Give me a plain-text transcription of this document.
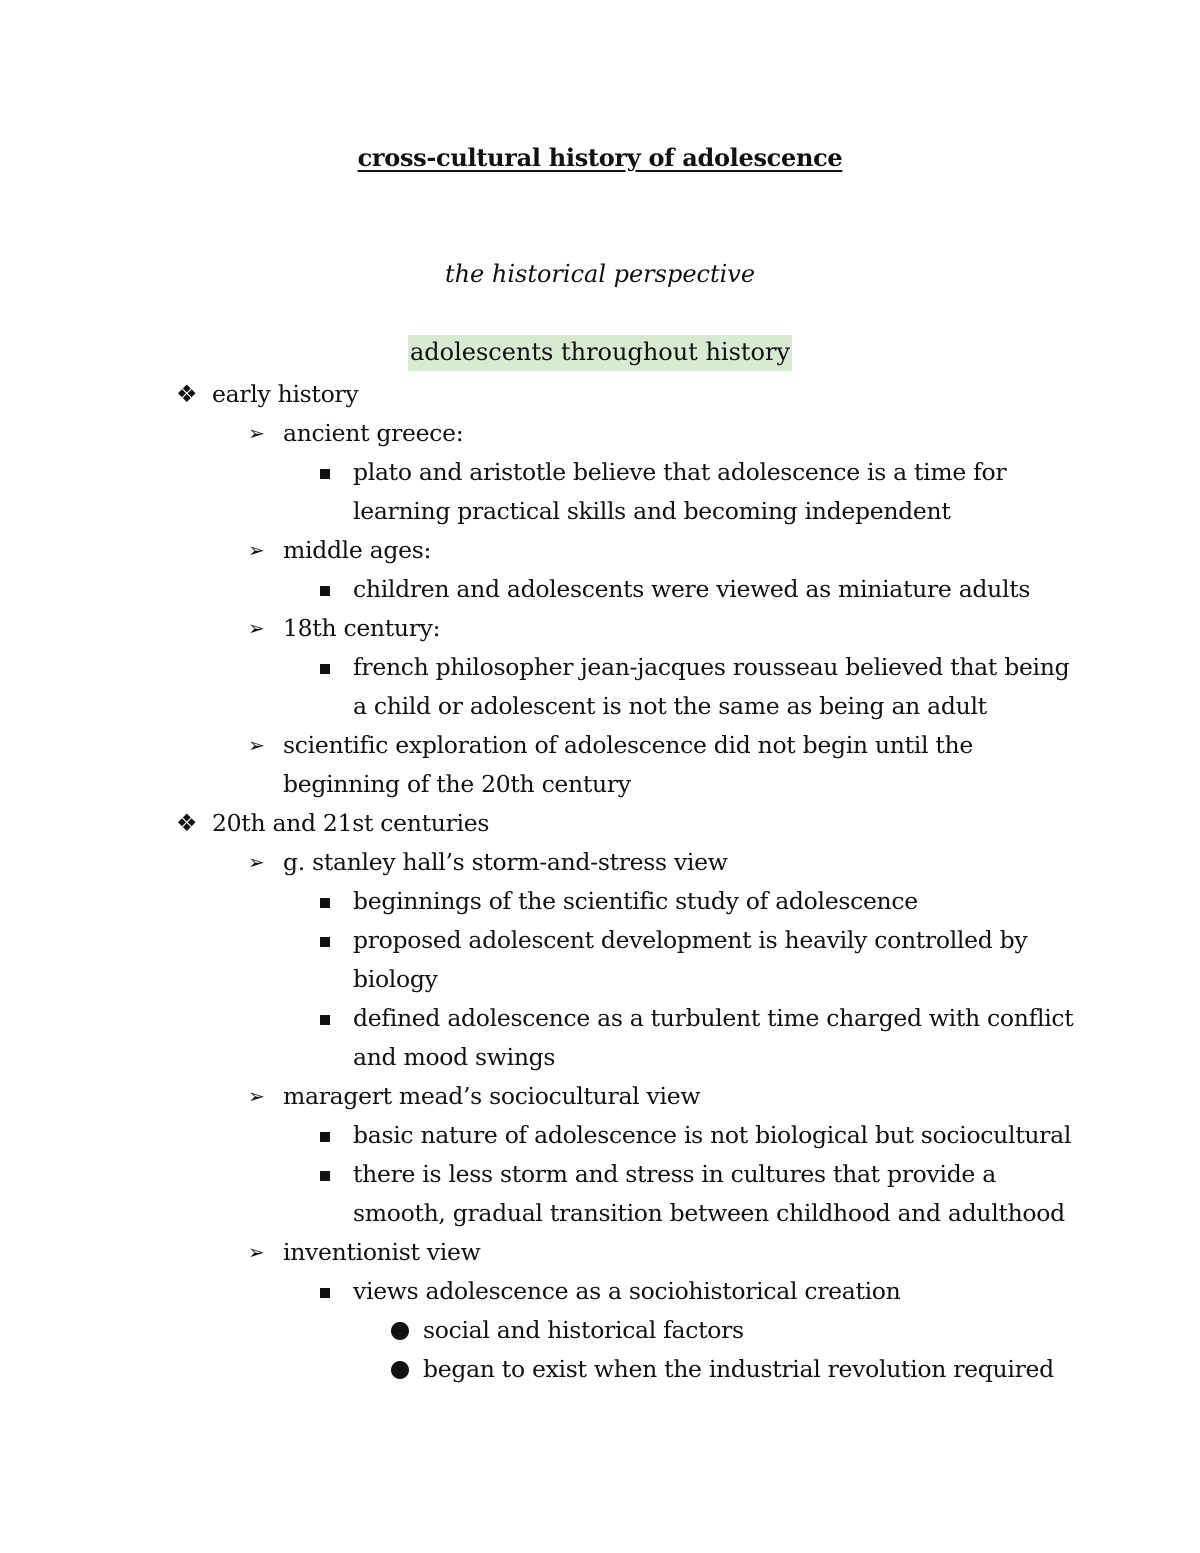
cross-cultural history of adolescence
the historical perspective
adolescents throughout history
❖ early history
➢ ancient greece:
plato and aristotle believe that adolescence is a time for
learning practical skills and becoming independent
➢ middle ages:
children and adolescents were viewed as miniature adults
➢ 18th century:
french philosopher jean-jacques rousseau believed that being
a child or adolescent is not the same as being an adult
➢ scientific exploration of adolescence did not begin until the
beginning of the 20th century
❖ 20th and 21st centuries
➢ g. stanley hall’s storm-and-stress view
beginnings of the scientific study of adolescence
proposed adolescent development is heavily controlled by
biology
defined adolescence as a turbulent time charged with conflict
and mood swings
➢ maragert mead’s sociocultural view
basic nature of adolescence is not biological but sociocultural
there is less storm and stress in cultures that provide a
smooth, gradual transition between childhood and adulthood
➢ inventionist view
views adolescence as a sociohistorical creation
social and historical factors
began to exist when the industrial revolution required
